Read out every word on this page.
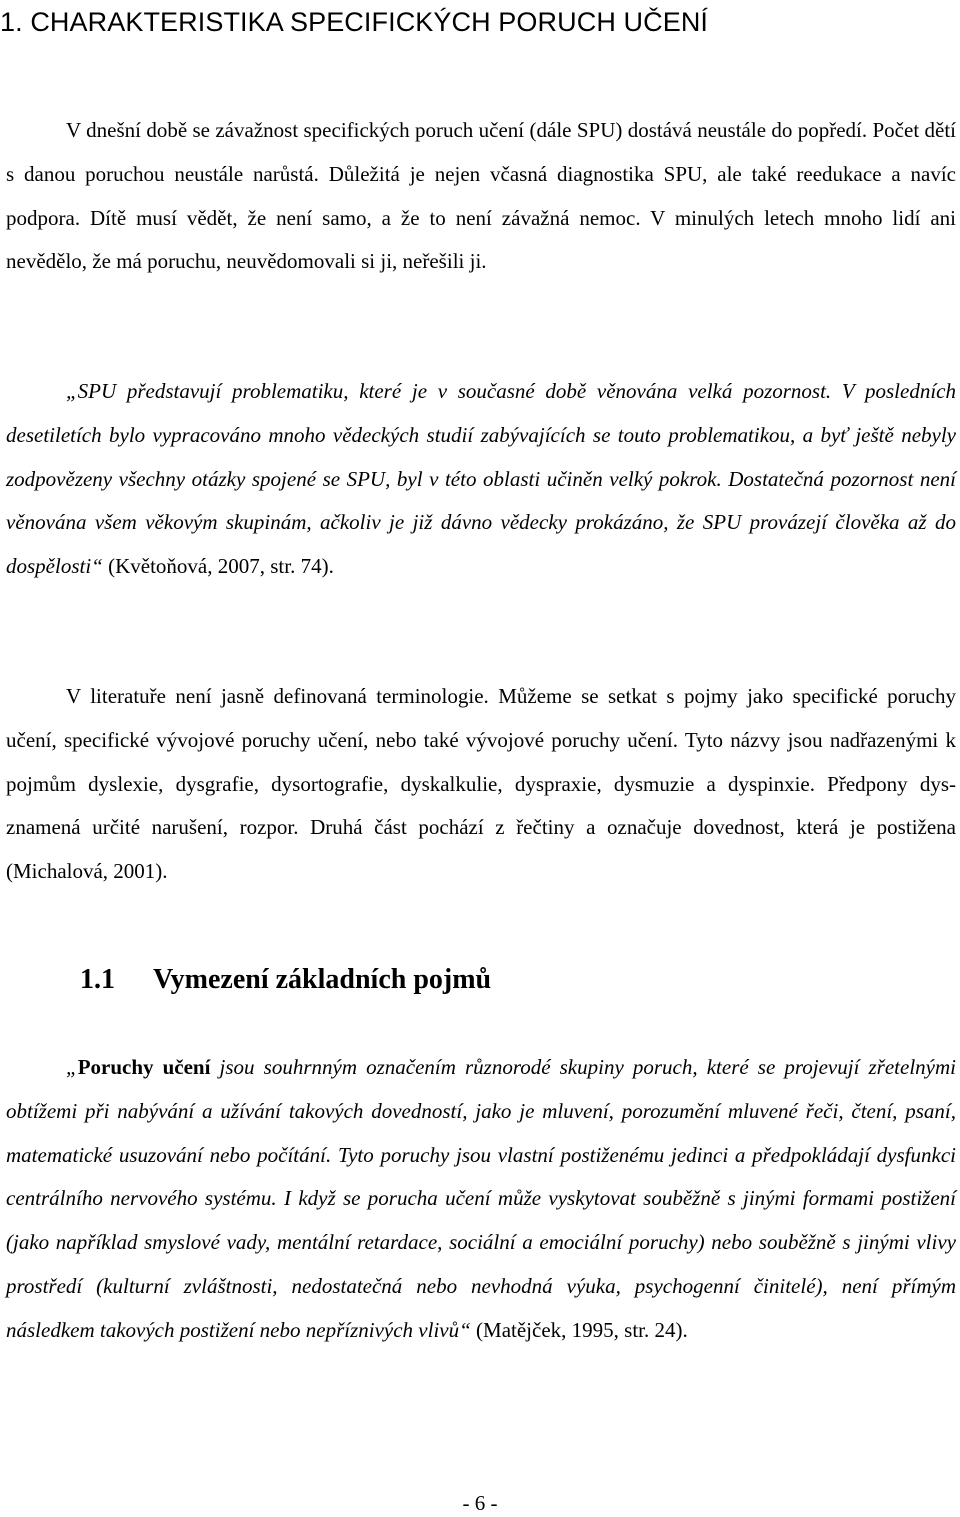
1. CHARAKTERISTIKA SPECIFICKÝCH PORUCH UČENÍ

V dnešní době se závažnost specifických poruch učení (dále SPU) dostává neustále do popředí. Počet dětí s danou poruchou neustále narůstá. Důležitá je nejen včasná diagnostika SPU, ale také reedukace a navíc podpora. Dítě musí vědět, že není samo, a že to není závažná nemoc. V minulých letech mnoho lidí ani nevědělo, že má poruchu, neuvědomovali si ji, neřešili ji.

„SPU představují problematiku, které je v současné době věnována velká pozornost. V posledních desetiletích bylo vypracováno mnoho vědeckých studií zabývajících se touto problematikou, a byť ještě nebyly zodpovězeny všechny otázky spojené se SPU, byl v této oblasti učiněn velký pokrok. Dostatečná pozornost není věnována všem věkovým skupinám, ačkoliv je již dávno vědecky prokázáno, že SPU provázejí člověka až do dospělosti“ (Květoňová, 2007, str. 74).

V literatuře není jasně definovaná terminologie. Můžeme se setkat s pojmy jako specifické poruchy učení, specifické vývojové poruchy učení, nebo také vývojové poruchy učení. Tyto názvy jsou nadřazenými k pojmům dyslexie, dysgrafie, dysortografie, dyskalkulie, dyspraxie, dysmuzie a dyspinxie. Předpony dys- znamená určité narušení, rozpor. Druhá část pochází z řečtiny a označuje dovednost, která je postižena (Michalová, 2001).

1.1 Vymezení základních pojmů

„Poruchy učení jsou souhrnným označením různorodé skupiny poruch, které se projevují zřetelnými obtížemi při nabývání a užívání takových dovedností, jako je mluvení, porozumění mluvené řeči, čtení, psaní, matematické usuzování nebo počítání. Tyto poruchy jsou vlastní postiženému jedinci a předpokládají dysfunkci centrálního nervového systému. I když se porucha učení může vyskytovat souběžně s jinými formami postižení (jako například smyslové vady, mentální retardace, sociální a emociální poruchy) nebo souběžně s jinými vlivy prostředí (kulturní zvláštnosti, nedostatečná nebo nevhodná výuka, psychogenní činitelé), není přímým následkem takových postižení nebo nepříznivých vlivů“ (Matějček, 1995, str. 24).

- 6 -
